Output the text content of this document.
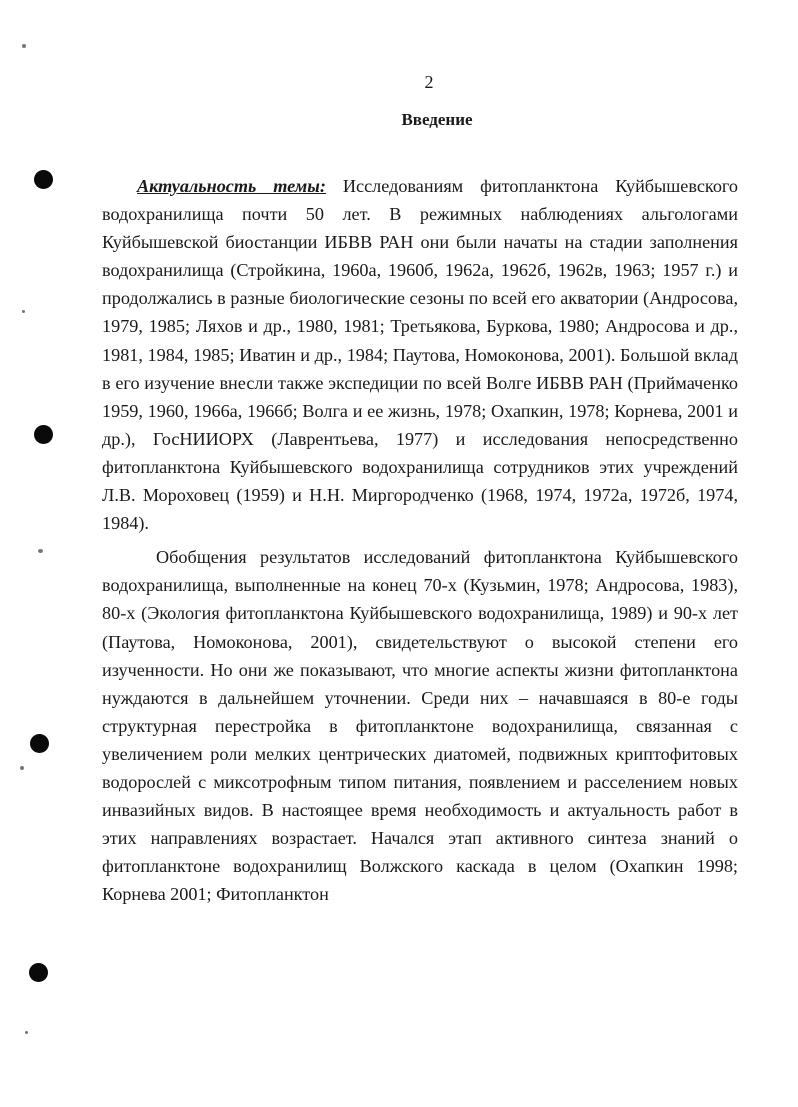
2
Введение

Актуальность темы: Исследованиям фитопланктона Куйбышевского водохранилища почти 50 лет. В режимных наблюдениях альгологами Куйбышевской биостанции ИБВВ РАН они были начаты на стадии заполнения водохранилища (Стройкина, 1960а, 1960б, 1962а, 1962б, 1962в, 1963; 1957 г.) и продолжались в разные биологические сезоны по всей его акватории (Андросова, 1979, 1985; Ляхов и др., 1980, 1981; Третьякова, Буркова, 1980; Андросова и др., 1981, 1984, 1985; Иватин и др., 1984; Паутова, Номоконова, 2001). Большой вклад в его изучение внесли также экспедиции по всей Волге ИБВВ РАН (Приймаченко 1959, 1960, 1966а, 1966б; Волга и ее жизнь, 1978; Охапкин, 1978; Корнева, 2001 и др.), ГосНИИОРХ (Лаврентьева, 1977) и исследования непосредственно фитопланктона Куйбышевского водохранилища сотрудников этих учреждений Л.В. Мороховец (1959) и Н.Н. Миргородченко (1968, 1974, 1972а, 1972б, 1974, 1984).

Обобщения результатов исследований фитопланктона Куйбышевского водохранилища, выполненные на конец 70-х (Кузьмин, 1978; Андросова, 1983), 80-х (Экология фитопланктона Куйбышевского водохранилища, 1989) и 90-х лет (Паутова, Номоконова, 2001), свидетельствуют о высокой степени его изученности. Но они же показывают, что многие аспекты жизни фитопланктона нуждаются в дальнейшем уточнении. Среди них – начавшаяся в 80-е годы структурная перестройка в фитопланктоне водохранилища, связанная с увеличением роли мелких центрических диатомей, подвижных криптофитовых водорослей с миксотрофным типом питания, появлением и расселением новых инвазийных видов. В настоящее время необходимость и актуальность работ в этих направлениях возрастает. Начался этап активного синтеза знаний о фитопланктоне водохранилищ Волжского каскада в целом (Охапкин 1998; Корнева 2001; Фитопланктон
